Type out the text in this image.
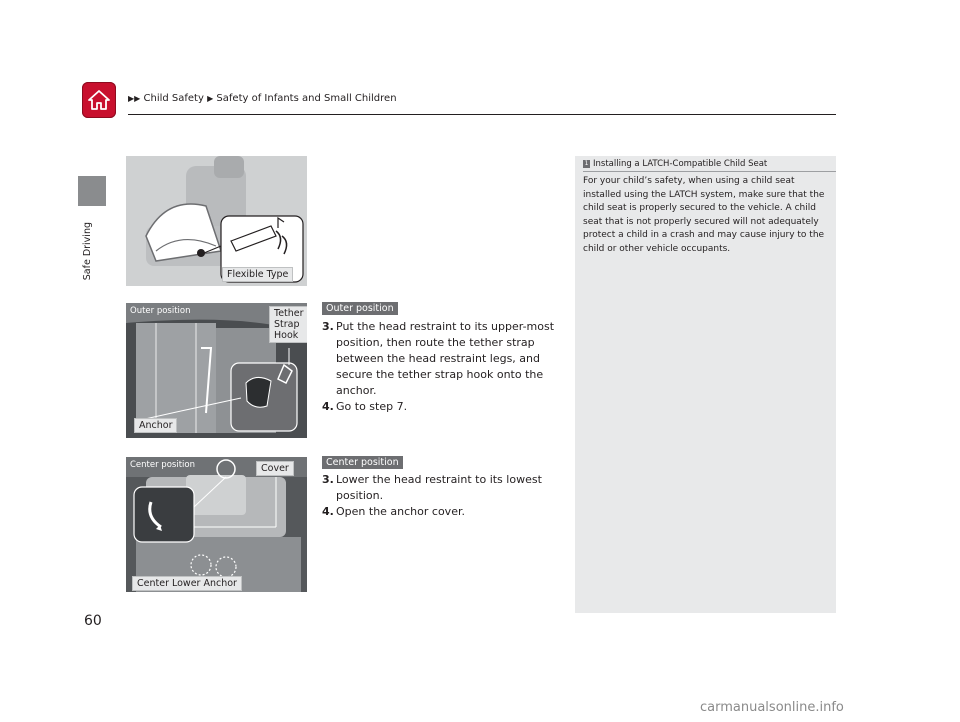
▶▶ Child Safety ▶ Safety of Infants and Small Children
Safe Driving	Flexible Type
Outer position	Tether
Strap
Hook
Anchor
Center position	Cover
Center Lower Anchor
Outer position
3. Put the head restraint to its upper-most position, then route the tether strap between the head restraint legs, and secure the tether strap hook onto the anchor.
4. Go to step 7.
Center position
3. Lower the head restraint to its lowest position.
4. Open the anchor cover.
1 Installing a LATCH-Compatible Child Seat
For your child’s safety, when using a child seat installed using the LATCH system, make sure that the child seat is properly secured to the vehicle. A child seat that is not properly secured will not adequately protect a child in a crash and may cause injury to the child or other vehicle occupants.
60
carmanualsonline.info
